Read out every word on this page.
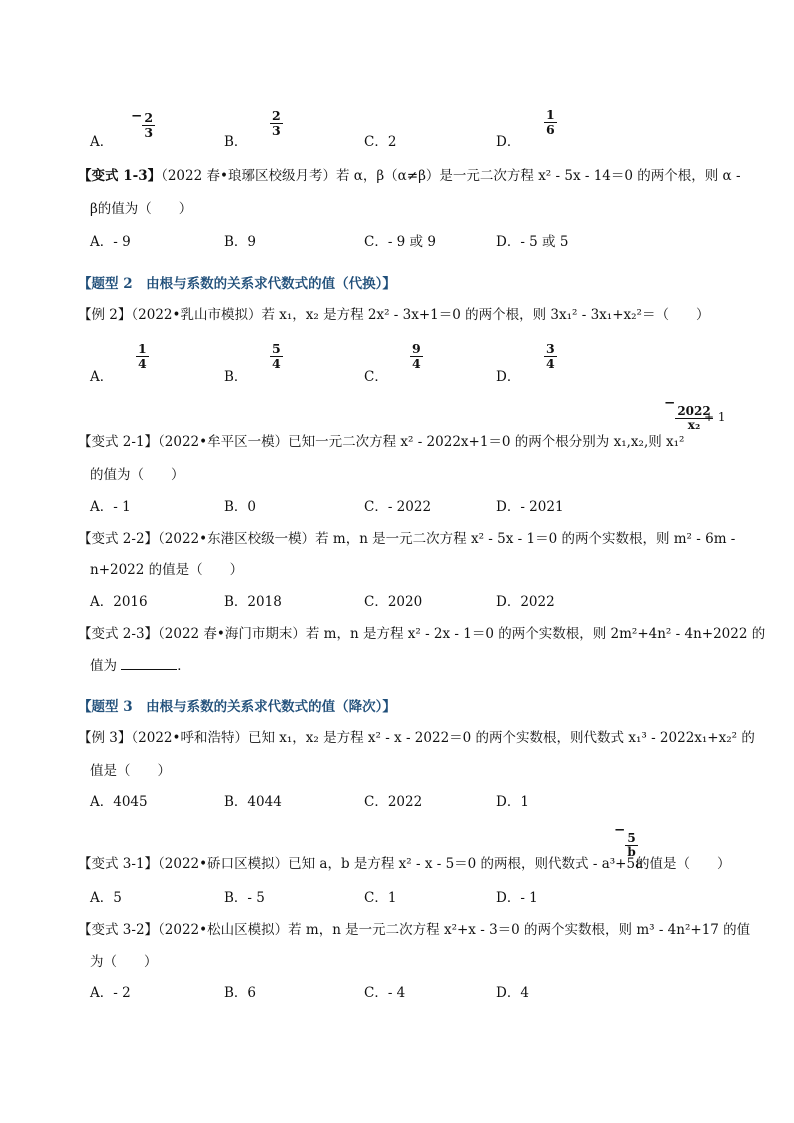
A．
− $\frac{2}{3}$
B．
$\frac{2}{3}$
C．2	D．
$\frac{1}{6}$
【变式 1-3】（2022 春•琅琊区校级月考）若 α，β（α≠β）是一元二次方程 x² - 5x - 14＝0 的两个根，则 α -
β的值为（　　）
A．- 9	B．9	C．- 9 或 9	D．- 5 或 5
【题型 2　由根与系数的关系求代数式的值（代换）】
【例 2】（2022•乳山市模拟）若 x₁，x₂ 是方程 2x² - 3x+1＝0 的两个根，则 3x₁² - 3x₁+x₂²＝（　　）
A．
$\frac{1}{4}$
B．
$\frac{5}{4}$
C．
$\frac{9}{4}$
D．
$\frac{3}{4}$
【变式 2-1】（2022•牟平区一模）已知一元二次方程 x² - 2022x+1＝0 的两个根分别为 x₁,x₂,则 x₁²
−
$\frac{2022}{\text{x₂}}$
+ 1
的值为（　　）
A．- 1	B．0	C．- 2022	D．- 2021
【变式 2-2】（2022•东港区校级一模）若 m，n 是一元二次方程 x² - 5x - 1＝0 的两个实数根，则 m² - 6m -
n+2022 的值是（　　）
A．2016	B．2018	C．2020	D．2022
【变式 2-3】（2022 春•海门市期末）若 m，n 是方程 x² - 2x - 1＝0 的两个实数根，则 2m²+4n² - 4n+2022 的
值为	．
【题型 3　由根与系数的关系求代数式的值（降次）】
【例 3】（2022•呼和浩特）已知 x₁，x₂ 是方程 x² - x - 2022＝0 的两个实数根，则代数式 x₁³ - 2022x₁+x₂² 的
值是（　　）
A．4045	B．4044	C．2022	D．1
【变式 3-1】（2022•硚口区模拟）已知 a，b 是方程 x² - x - 5＝0 的两根，则代数式 - a³+5a
−
$\frac{5}{b}$
的值是（　　）
A．5	B．- 5	C．1	D．- 1
【变式 3-2】（2022•松山区模拟）若 m，n 是一元二次方程 x²+x - 3＝0 的两个实数根，则 m³ - 4n²+17 的值
为（　　）
A．- 2	B．6	C．- 4	D．4
